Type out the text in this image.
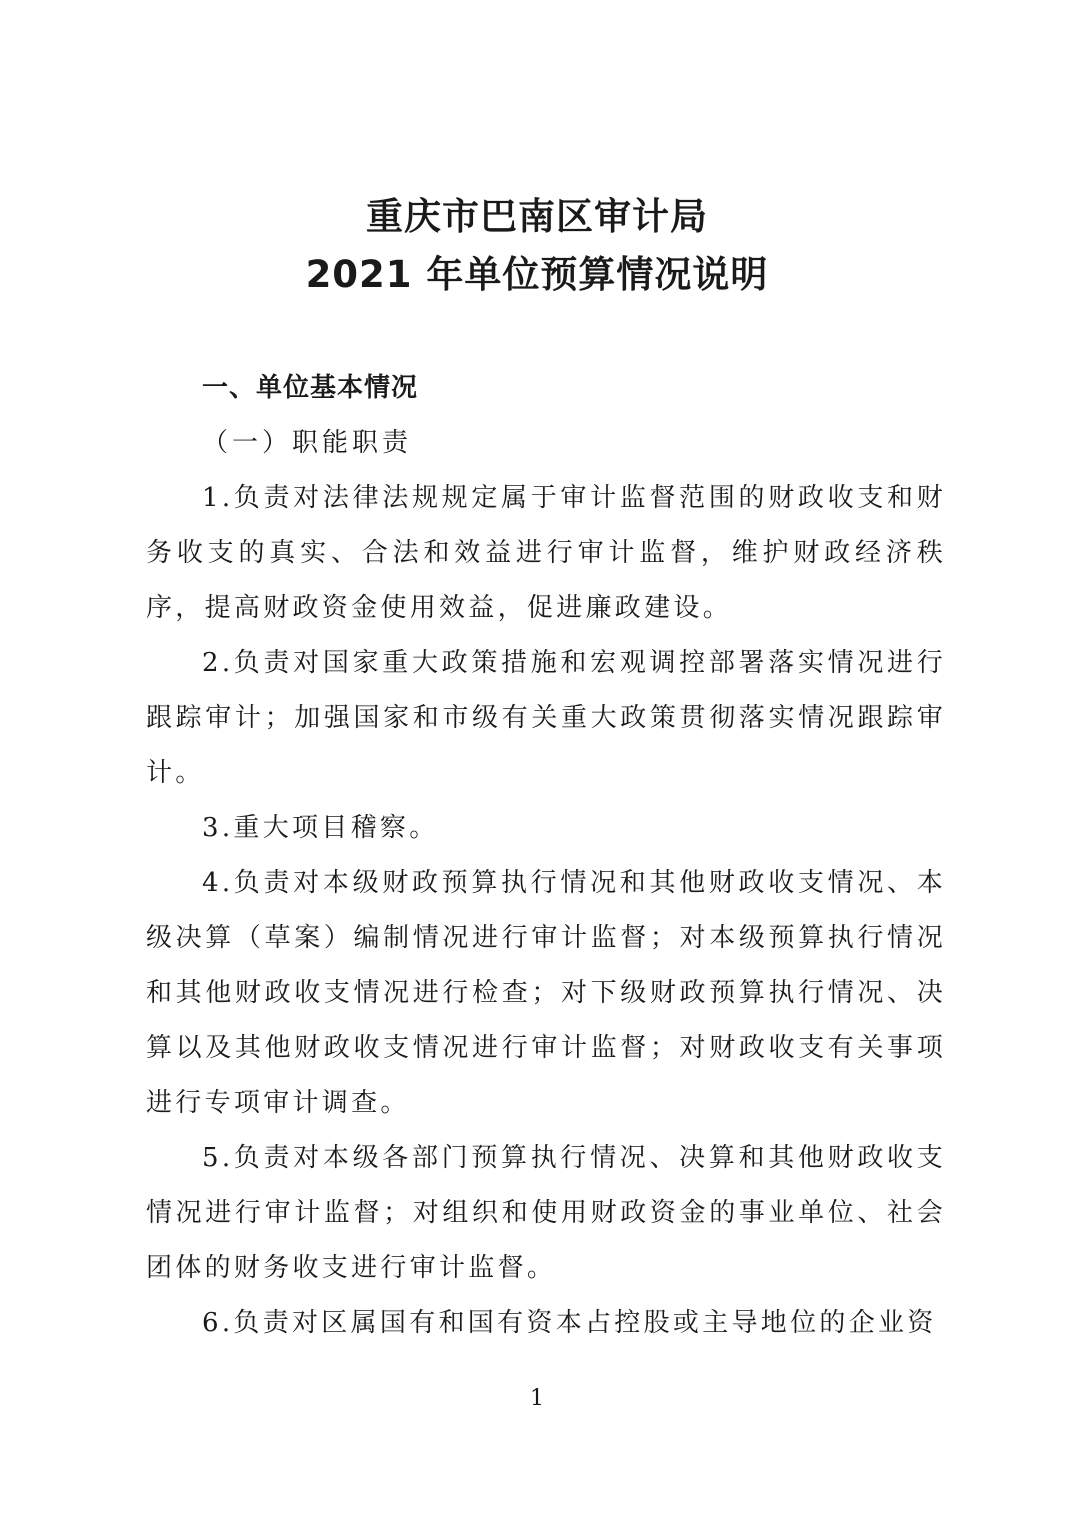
重庆市巴南区审计局
2021 年单位预算情况说明

一、单位基本情况

（一）职能职责

1.负责对法律法规规定属于审计监督范围的财政收支和财务收支的真实、合法和效益进行审计监督，维护财政经济秩序，提高财政资金使用效益，促进廉政建设。

2.负责对国家重大政策措施和宏观调控部署落实情况进行跟踪审计；加强国家和市级有关重大政策贯彻落实情况跟踪审计。

3.重大项目稽察。

4.负责对本级财政预算执行情况和其他财政收支情况、本级决算（草案）编制情况进行审计监督；对本级预算执行情况和其他财政收支情况进行检查；对下级财政预算执行情况、决算以及其他财政收支情况进行审计监督；对财政收支有关事项进行专项审计调查。

5.负责对本级各部门预算执行情况、决算和其他财政收支情况进行审计监督；对组织和使用财政资金的事业单位、社会团体的财务收支进行审计监督。

6.负责对区属国有和国有资本占控股或主导地位的企业资

1
